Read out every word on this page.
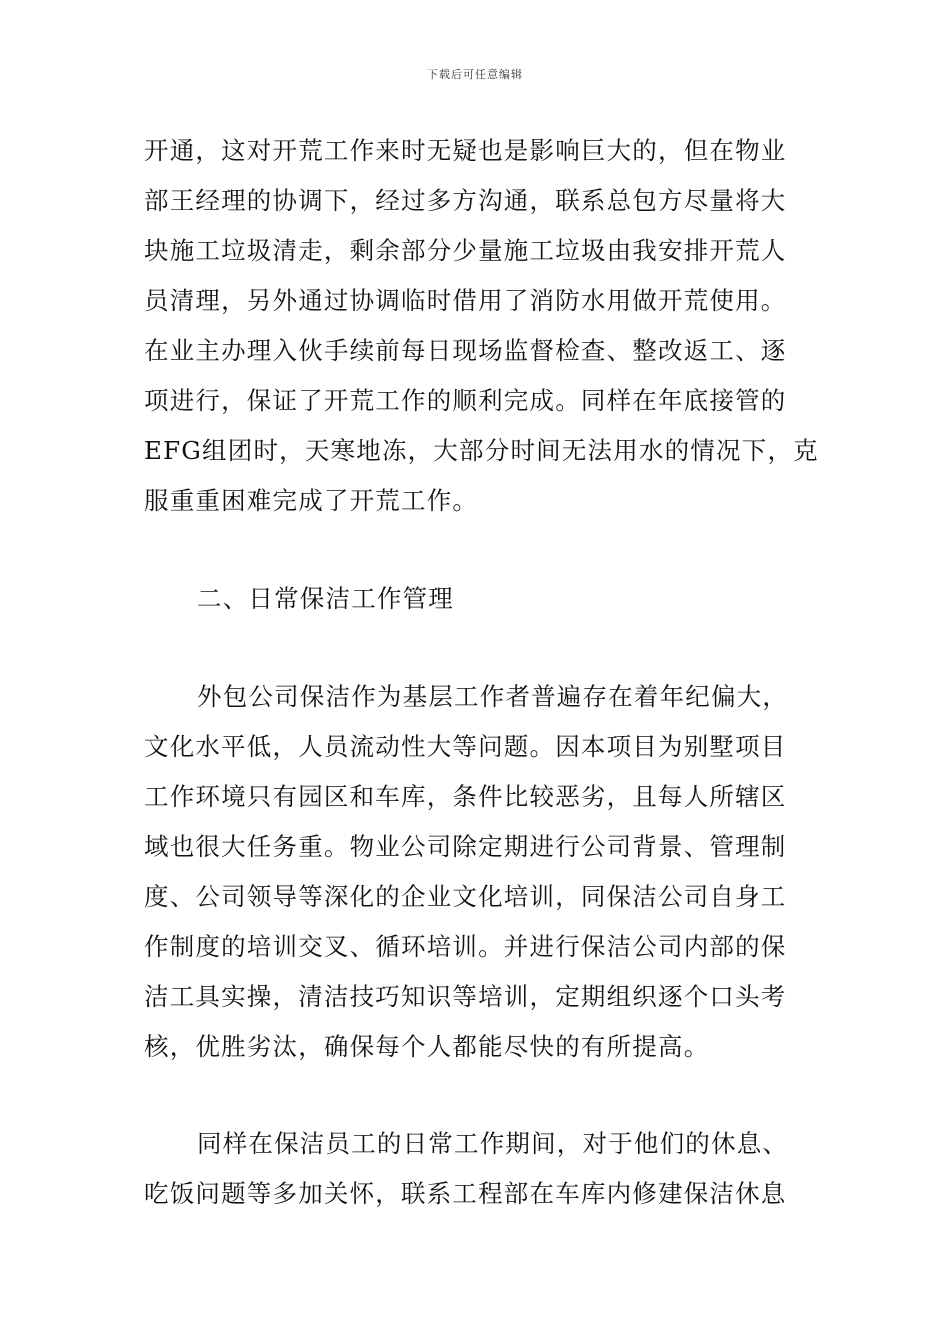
下载后可任意编辑
开通，这对开荒工作来时无疑也是影响巨大的，但在物业
部王经理的协调下，经过多方沟通，联系总包方尽量将大
块施工垃圾清走，剩余部分少量施工垃圾由我安排开荒人
员清理，另外通过协调临时借用了消防水用做开荒使用。
在业主办理入伙手续前每日现场监督检查、整改返工、逐
项进行，保证了开荒工作的顺利完成。同样在年底接管的
EFG组团时，天寒地冻，大部分时间无法用水的情况下，克
服重重困难完成了开荒工作。
二、日常保洁工作管理
外包公司保洁作为基层工作者普遍存在着年纪偏大，
文化水平低，人员流动性大等问题。因本项目为别墅项目
工作环境只有园区和车库，条件比较恶劣，且每人所辖区
域也很大任务重。物业公司除定期进行公司背景、管理制
度、公司领导等深化的企业文化培训，同保洁公司自身工
作制度的培训交叉、循环培训。并进行保洁公司内部的保
洁工具实操，清洁技巧知识等培训，定期组织逐个口头考
核，优胜劣汰，确保每个人都能尽快的有所提高。
同样在保洁员工的日常工作期间，对于他们的休息、
吃饭问题等多加关怀，联系工程部在车库内修建保洁休息
